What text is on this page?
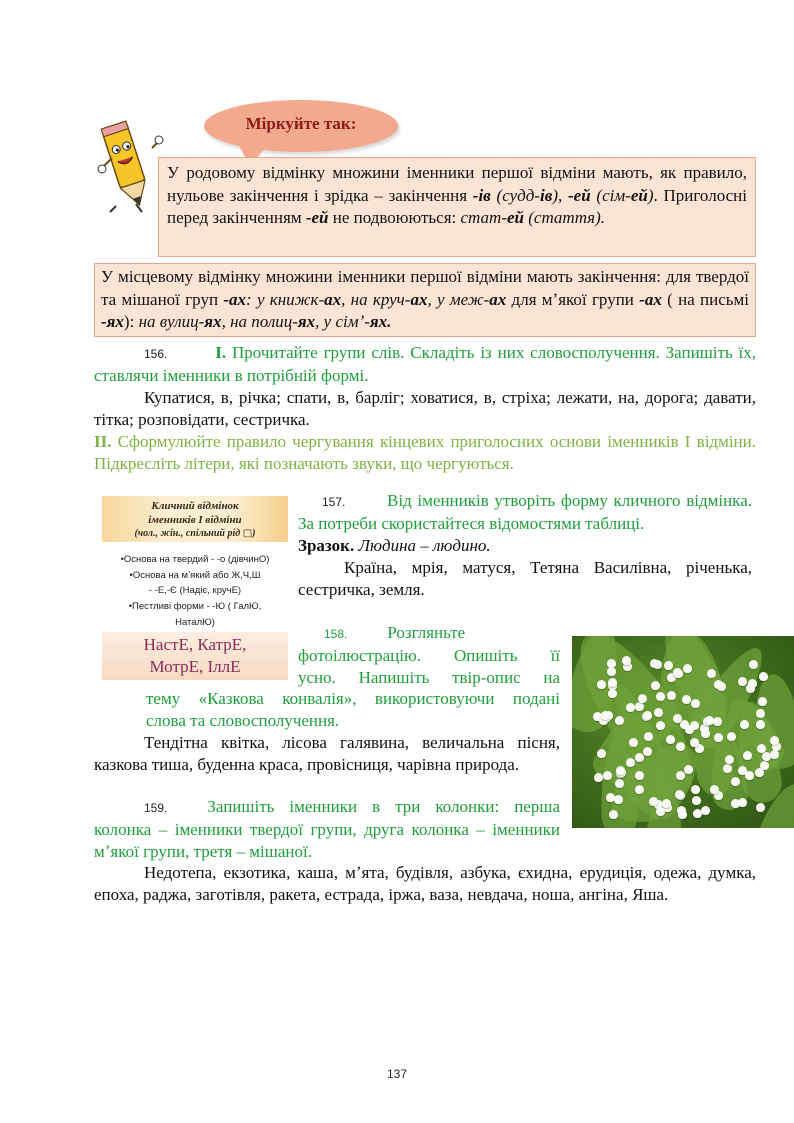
Міркуйте так:
У родовому відмінку множини іменники першої відміни мають, як правило, нульове закінчення і зрідка – закінчення -ів (судд-ів), -ей (сім-ей). Приголосні перед закінченням -ей не подвоюються: стат-ей (стаття).
У місцевому відмінку множини іменники першої відміни мають закінчення: для твердої та мішаної груп -ах: у книжк-ах, на круч-ах, у меж-ах для мʼякої групи -ах ( на письмі -ях): на вулиц-ях, на полиц-ях, у сімʼ-ях.
156.	І. Прочитайте групи слів. Складіть із них словосполучення. Запишіть їх, ставлячи іменники в потрібній формі.
Купатися, в, річка; спати, в, барліг; ховатися, в, стріха; лежати, на, дорога; давати, тітка; розповідати, сестричка.
ІІ. Сформулюйте правило чергування кінцевих приголосних основи іменників І відміни. Підкресліть літери, які позначають звуки, що чергуються.
Кличний відмінок
іменників І відміни
(чол., жін., спільний рід ▢)
•Основа на твердий - -о (дівчинО)
•Основа на мʼякий або Ж,Ч,Ш
- -Е,-Є (Надіє, кручЕ)
•Пестливі форми - -Ю ( ГалЮ,
НаталЮ)
НастЕ, КатрЕ,
МотрЕ, ІллЕ
157. Від іменників утворіть форму кличного відмінка. За потреби скористайтеся відомостями таблиці.
Зразок. Людина – людино.
Країна, мрія, матуся, Тетяна Василівна, річенька, сестричка, земля.
158. Розгляньте
фотоілюстрацію. Опишіть її
усно. Напишіть твір-опис на
тему «Казкова конвалія», використовуючи подані
слова та словосполучення.
Тендітна квітка, лісова галявина, величальна пісня, казкова тиша, буденна краса, провісниця, чарівна природа.
159. Запишіть іменники в три колонки: перша колонка – іменники твердої групи, друга колонка – іменники мʼякої групи, третя – мішаної.
Недотепа, екзотика, каша, мʼята, будівля, азбука, єхидна, ерудиція, одежа, думка, епоха, раджа, заготівля, ракета, естрада, іржа, ваза, невдача, ноша, ангіна, Яша.
137
